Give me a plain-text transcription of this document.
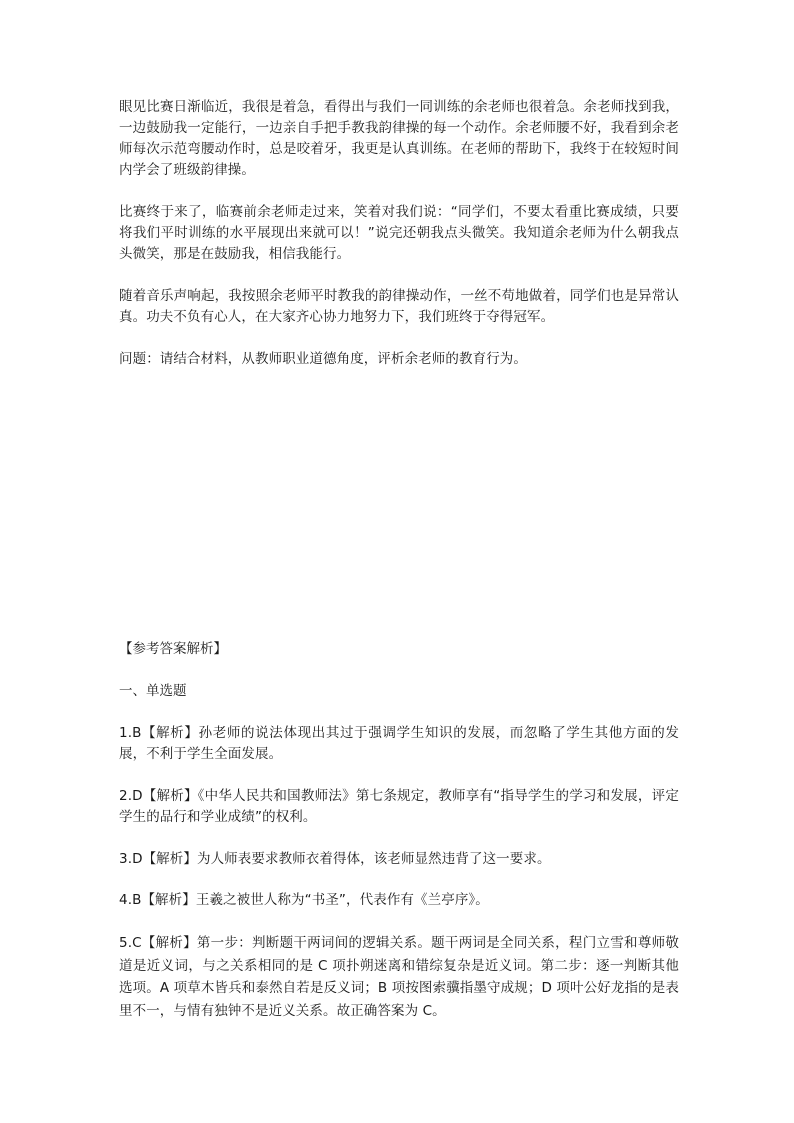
眼见比赛日渐临近，我很是着急，看得出与我们一同训练的余老师也很着急。余老师找到我，一边鼓励我一定能行，一边亲自手把手教我韵律操的每一个动作。余老师腰不好，我看到余老师每次示范弯腰动作时，总是咬着牙，我更是认真训练。在老师的帮助下，我终于在较短时间内学会了班级韵律操。

比赛终于来了，临赛前余老师走过来，笑着对我们说：“同学们，不要太看重比赛成绩，只要将我们平时训练的水平展现出来就可以！”说完还朝我点头微笑。我知道余老师为什么朝我点头微笑，那是在鼓励我，相信我能行。

随着音乐声响起，我按照余老师平时教我的韵律操动作，一丝不苟地做着，同学们也是异常认真。功夫不负有心人，在大家齐心协力地努力下，我们班终于夺得冠军。

问题：请结合材料，从教师职业道德角度，评析余老师的教育行为。

【参考答案解析】

一、单选题

1.B【解析】孙老师的说法体现出其过于强调学生知识的发展，而忽略了学生其他方面的发展，不利于学生全面发展。

2.D【解析】《中华人民共和国教师法》第七条规定，教师享有“指导学生的学习和发展，评定学生的品行和学业成绩”的权利。

3.D【解析】为人师表要求教师衣着得体，该老师显然违背了这一要求。

4.B【解析】王羲之被世人称为“书圣”，代表作有《兰亭序》。

5.C【解析】第一步：判断题干两词间的逻辑关系。题干两词是全同关系，程门立雪和尊师敬道是近义词，与之关系相同的是 C 项扑朔迷离和错综复杂是近义词。第二步：逐一判断其他选项。A 项草木皆兵和泰然自若是反义词；B 项按图索骥指墨守成规；D 项叶公好龙指的是表里不一，与情有独钟不是近义关系。故正确答案为 C。
